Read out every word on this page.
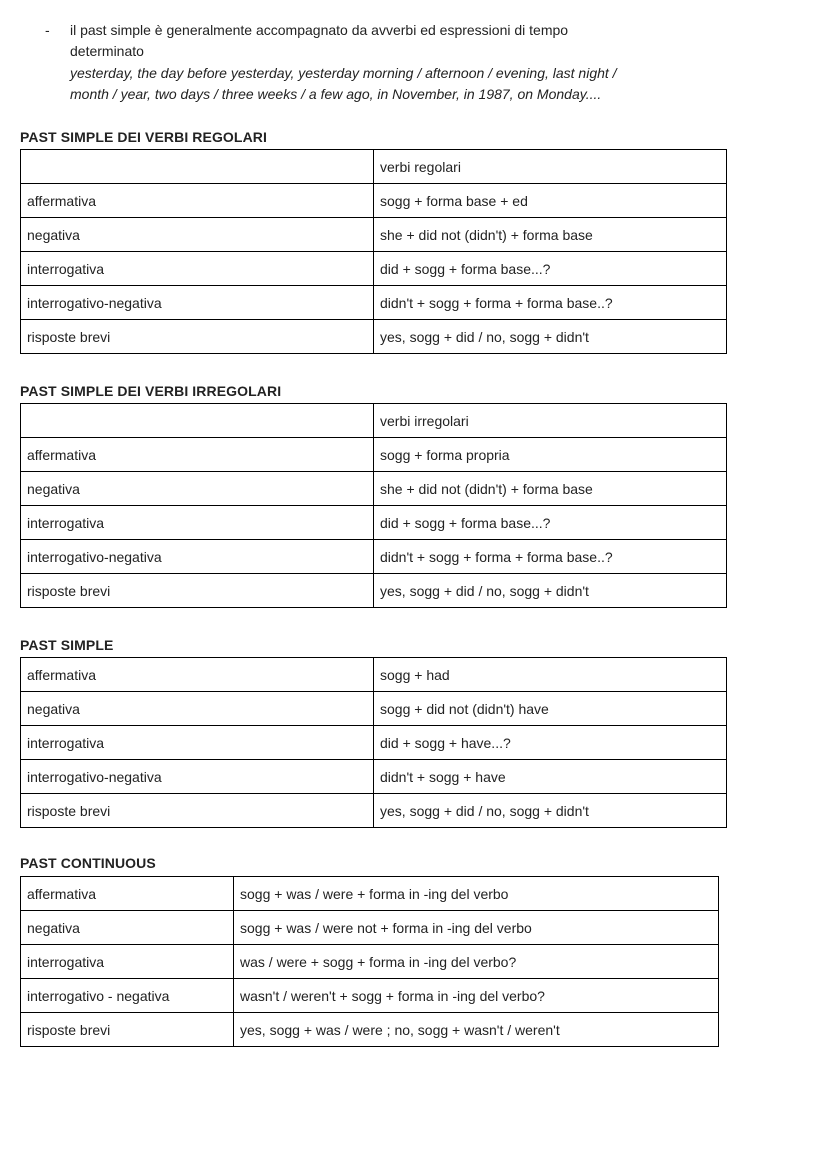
- il past simple è generalmente accompagnato da avverbi ed espressioni di tempo
determinato
yesterday, the day before yesterday, yesterday morning / afternoon / evening, last night /
month / year, two days / three weeks / a few ago, in November, in 1987, on Monday....
PAST SIMPLE DEI VERBI REGOLARI
	verbi regolari
affermativa	sogg + forma base + ed
negativa	she + did not (didn't) + forma base
interrogativa	did + sogg + forma base...?
interrogativo-negativa	didn't + sogg + forma + forma base..?
risposte brevi	yes, sogg + did / no, sogg + didn't
PAST SIMPLE DEI VERBI IRREGOLARI
	verbi irregolari
affermativa	sogg + forma propria
negativa	she + did not (didn't) + forma base
interrogativa	did + sogg + forma base...?
interrogativo-negativa	didn't + sogg + forma + forma base..?
risposte brevi	yes, sogg + did / no, sogg + didn't
PAST SIMPLE
affermativa	sogg + had
negativa	sogg + did not (didn't) have
interrogativa	did + sogg + have...?
interrogativo-negativa	didn't + sogg + have
risposte brevi	yes, sogg + did / no, sogg + didn't
PAST CONTINUOUS
affermativa	sogg + was / were + forma in -ing del verbo
negativa	sogg + was / were not + forma in -ing del verbo
interrogativa	was / were + sogg + forma in -ing del verbo?
interrogativo - negativa	wasn't / weren't + sogg + forma in -ing del verbo?
risposte brevi	yes, sogg + was / were ; no, sogg + wasn't / weren't
